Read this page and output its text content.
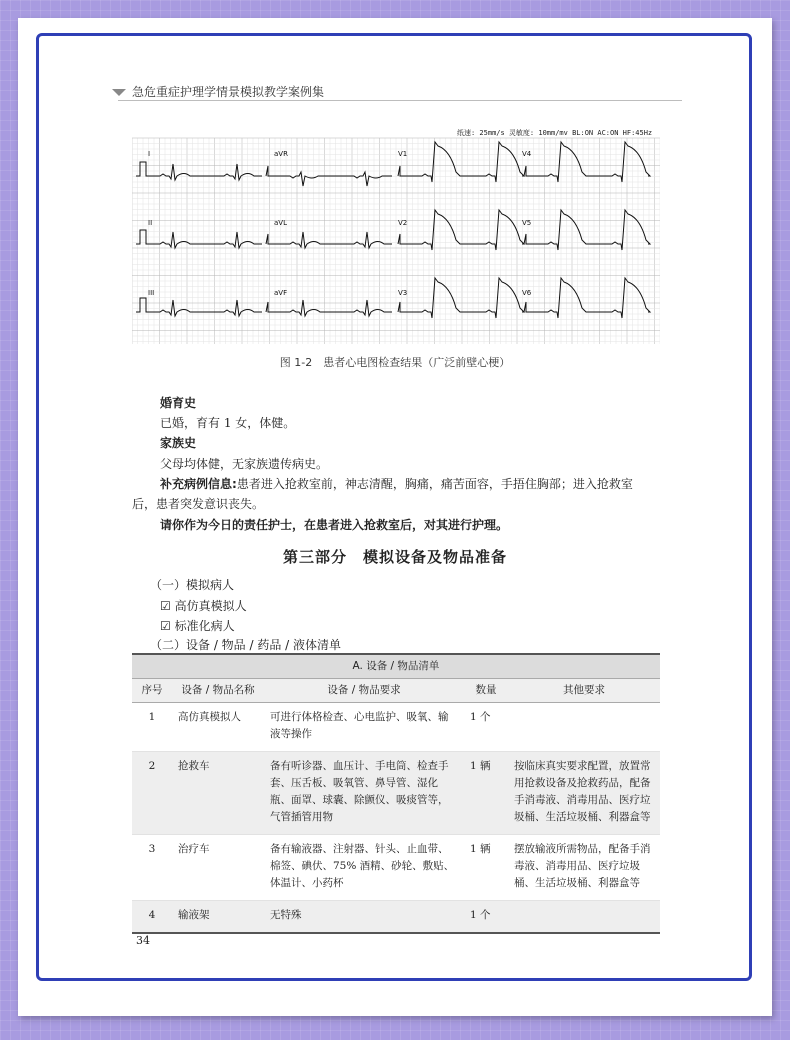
急危重症护理学情景模拟教学案例集
纸速: 25mm/s 灵敏度: 10mm/mv BL:ON AC:ON HF:45Hz
I	aVR	V1	V4
II	aVL	V2	V5
III	aVF	V3	V6
图 1-2　患者心电图检查结果（广泛前壁心梗）
婚育史
已婚，育有 1 女，体健。
家族史
父母均体健，无家族遗传病史。
补充病例信息:患者进入抢救室前，神志清醒，胸痛，痛苦面容，手捂住胸部；进入抢救室
后，患者突发意识丧失。
请你作为今日的责任护士，在患者进入抢救室后，对其进行护理。
第三部分　模拟设备及物品准备
（一）模拟病人
☑ 高仿真模拟人
☑ 标准化病人
（二）设备 / 物品 / 药品 / 液体清单
A. 设备 / 物品清单				
序号	设备 / 物品名称	设备 / 物品要求	数量	其他要求
1	高仿真模拟人	可进行体格检查、心电监护、吸氧、输液等操作	1 个	
2	抢救车	备有听诊器、血压计、手电筒、检查手套、压舌板、吸氧管、鼻导管、湿化瓶、面罩、球囊、除颤仪、吸痰管等，气管插管用物	1 辆	按临床真实要求配置，放置常用抢救设备及抢救药品，配备手消毒液、消毒用品、医疗垃圾桶、生活垃圾桶、利器盒等
3	治疗车	备有输液器、注射器、针头、止血带、棉签、碘伏、75% 酒精、砂轮、敷贴、体温计、小药杯	1 辆	摆放输液所需物品，配备手消毒液、消毒用品、医疗垃圾桶、生活垃圾桶、利器盒等
4	输液架	无特殊	1 个	
34
